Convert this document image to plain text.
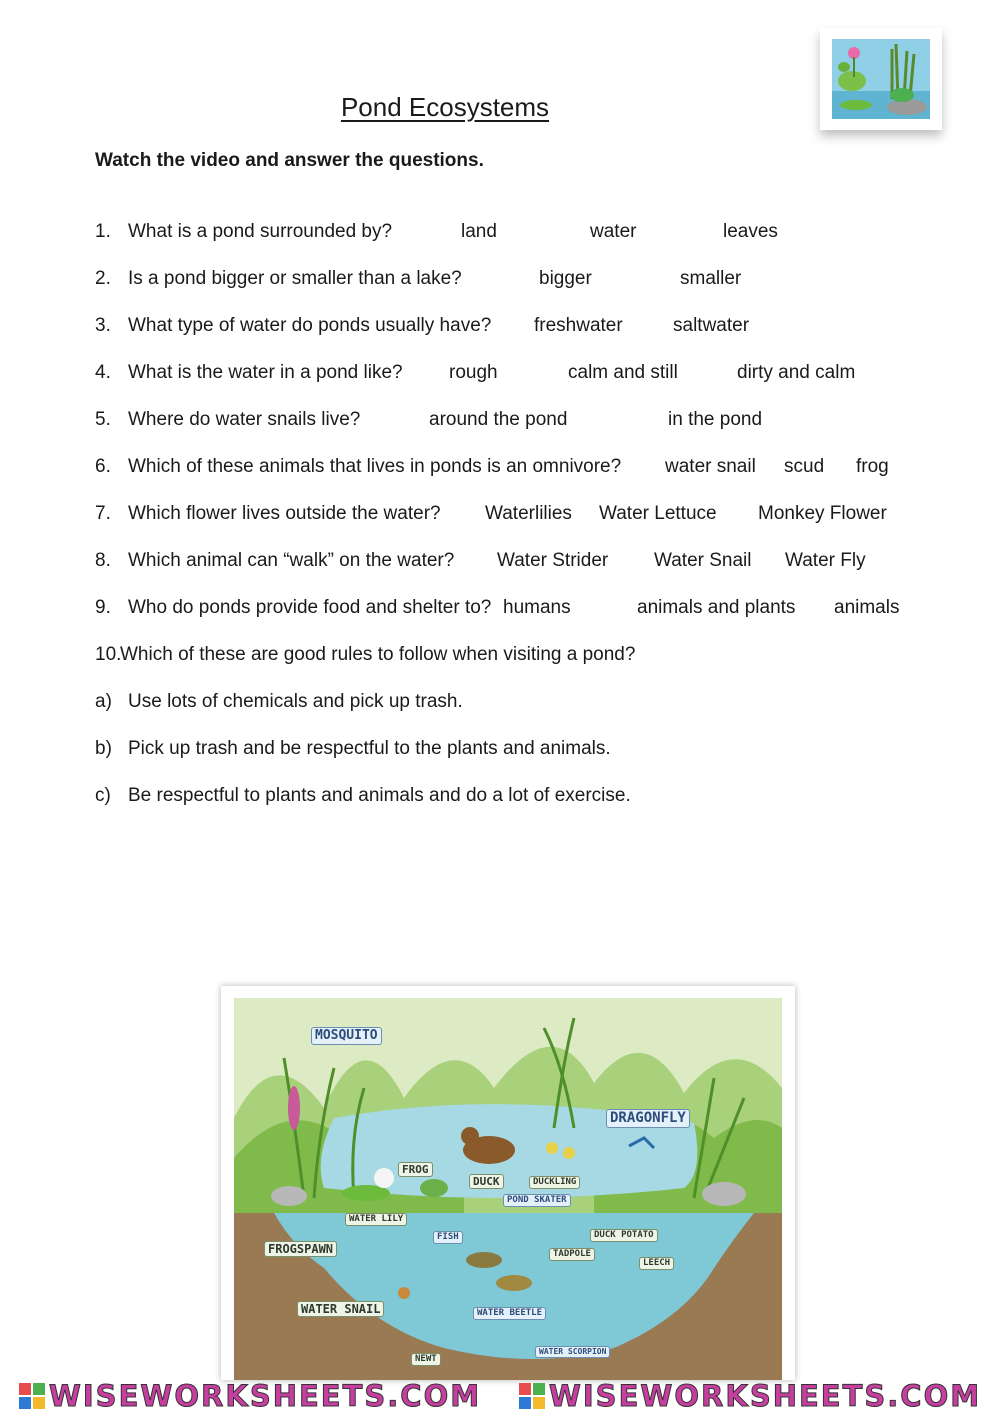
Pond Ecosystems
Watch the video and answer the questions.
1. What is a pond surrounded by?	land	water	leaves
2. Is a pond bigger or smaller than a lake?	bigger	smaller
3. What type of water do ponds usually have? freshwater	saltwater
4. What is the water in a pond like? rough	calm and still	dirty and calm
5. Where do water snails live?	around the pond	in the pond
6. Which of these animals that lives in ponds is an omnivore? water snail scud frog
7. Which flower lives outside the water? Waterlilies Water Lettuce Monkey Flower
8. Which animal can “walk” on the water? Water Strider Water Snail Water Fly
9. Who do ponds provide food and shelter to? humans	animals and plants animals
10.
Which of these are good rules to follow when visiting a pond?
a) Use lots of chemicals and pick up trash.
b) Pick up trash and be respectful to the plants and animals.
c) Be respectful to plants and animals and do a lot of exercise.
MOSQUITO
DRAGONFLY
FROG
DUCK	DUCKLING
POND SKATER
WATER LILY
FISH	DUCK POTATO
FROGSPAWN	TADPOLE
LEECH
WATER SNAIL	WATER BEETLE
WATER SCORPION
NEWT
WISEWORKSHEETS.COM WISEWORKSHEETS.COM
